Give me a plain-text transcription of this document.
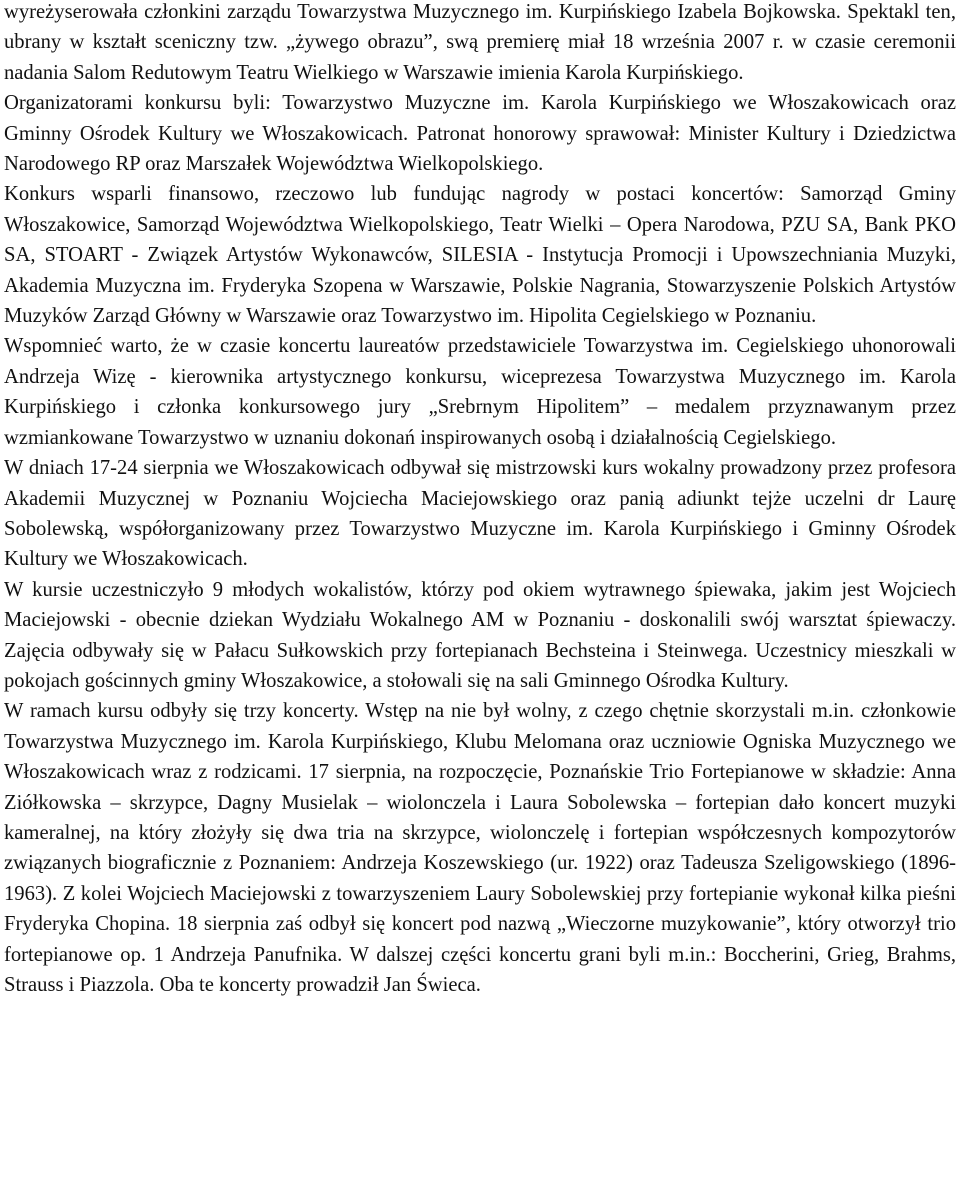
wyreżyserowała członkini zarządu Towarzystwa Muzycznego im. Kurpińskiego Izabela Bojkowska. Spektakl ten, ubrany w kształt sceniczny tzw. „żywego obrazu”, swą premierę miał 18 września 2007 r. w czasie ceremonii nadania Salom Redutowym Teatru Wielkiego w Warszawie imienia Karola Kurpińskiego.

Organizatorami konkursu byli: Towarzystwo Muzyczne im. Karola Kurpińskiego we Włoszakowicach oraz Gminny Ośrodek Kultury we Włoszakowicach. Patronat honorowy sprawował: Minister Kultury i Dziedzictwa Narodowego RP oraz Marszałek Województwa Wielkopolskiego.

Konkurs wsparli finansowo, rzeczowo lub fundując nagrody w postaci koncertów: Samorząd Gminy Włoszakowice, Samorząd Województwa Wielkopolskiego, Teatr Wielki – Opera Narodowa, PZU SA, Bank PKO SA, STOART - Związek Artystów Wykonawców, SILESIA - Instytucja Promocji i Upowszechniania Muzyki, Akademia Muzyczna im. Fryderyka Szopena w Warszawie, Polskie Nagrania, Stowarzyszenie Polskich Artystów Muzyków Zarząd Główny w Warszawie oraz Towarzystwo im. Hipolita Cegielskiego w Poznaniu.

Wspomnieć warto, że w czasie koncertu laureatów przedstawiciele Towarzystwa im. Cegielskiego uhonorowali Andrzeja Wizę - kierownika artystycznego konkursu, wiceprezesa Towarzystwa Muzycznego im. Karola Kurpińskiego i członka konkursowego jury „Srebrnym Hipolitem” – medalem przyznawanym przez wzmiankowane Towarzystwo w uznaniu dokonań inspirowanych osobą i działalnością Cegielskiego.

W dniach 17-24 sierpnia we Włoszakowicach odbywał się mistrzowski kurs wokalny prowadzony przez profesora Akademii Muzycznej w Poznaniu Wojciecha Maciejowskiego oraz panią adiunkt tejże uczelni dr Laurę Sobolewską, współorganizowany przez Towarzystwo Muzyczne im. Karola Kurpińskiego i Gminny Ośrodek Kultury we Włoszakowicach.

W kursie uczestniczyło 9 młodych wokalistów, którzy pod okiem wytrawnego śpiewaka, jakim jest Wojciech Maciejowski - obecnie dziekan Wydziału Wokalnego AM w Poznaniu - doskonalili swój warsztat śpiewaczy. Zajęcia odbywały się w Pałacu Sułkowskich przy fortepianach Bechsteina i Steinwega. Uczestnicy mieszkali w pokojach gościnnych gminy Włoszakowice, a stołowali się na sali Gminnego Ośrodka Kultury.

W ramach kursu odbyły się trzy koncerty. Wstęp na nie był wolny, z czego chętnie skorzystali m.in. członkowie Towarzystwa Muzycznego im. Karola Kurpińskiego, Klubu Melomana oraz uczniowie Ogniska Muzycznego we Włoszakowicach wraz z rodzicami. 17 sierpnia, na rozpoczęcie, Poznańskie Trio Fortepianowe w składzie: Anna Ziółkowska – skrzypce, Dagny Musielak – wiolonczela i Laura Sobolewska – fortepian dało koncert muzyki kameralnej, na który złożyły się dwa tria na skrzypce, wiolonczelę i fortepian współczesnych kompozytorów związanych biograficznie z Poznaniem: Andrzeja Koszewskiego (ur. 1922) oraz Tadeusza Szeligowskiego (1896-1963). Z kolei Wojciech Maciejowski z towarzyszeniem Laury Sobolewskiej przy fortepianie wykonał kilka pieśni Fryderyka Chopina. 18 sierpnia zaś odbył się koncert pod nazwą „Wieczorne muzykowanie”, który otworzył trio fortepianowe op. 1 Andrzeja Panufnika. W dalszej części koncertu grani byli m.in.: Boccherini, Grieg, Brahms, Strauss i Piazzola. Oba te koncerty prowadził Jan Świeca.
